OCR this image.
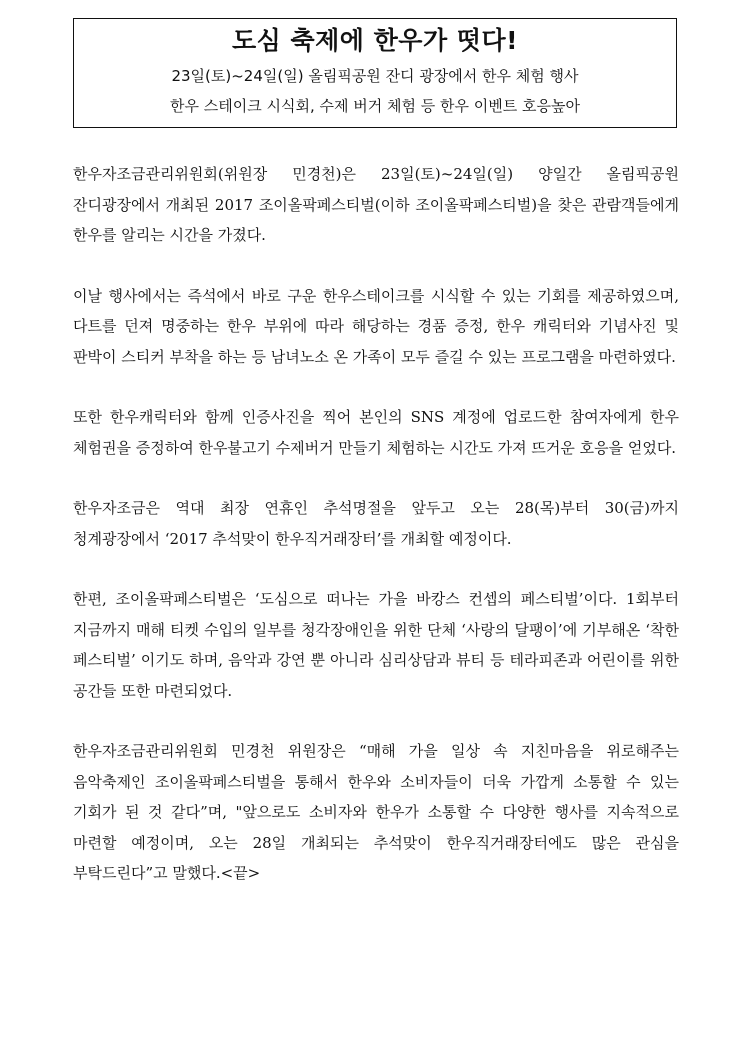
도심 축제에 한우가 떳다!
23일(토)~24일(일) 올림픽공원 잔디 광장에서 한우 체험 행사
한우 스테이크 시식회, 수제 버거 체험 등 한우 이벤트 호응높아

한우자조금관리위원회(위원장 민경천)은 23일(토)~24일(일) 양일간 올림픽공원 잔디광장에서 개최된 2017 조이올팍페스티벌(이하 조이올팍페스티벌)을 찾은 관람객들에게 한우를 알리는 시간을 가졌다.

이날 행사에서는 즉석에서 바로 구운 한우스테이크를 시식할 수 있는 기회를 제공하였으며, 다트를 던져 명중하는 한우 부위에 따라 해당하는 경품 증정, 한우 캐릭터와 기념사진 및 판박이 스티커 부착을 하는 등 남녀노소 온 가족이 모두 즐길 수 있는 프로그램을 마련하였다.

또한 한우캐릭터와 함께 인증사진을 찍어 본인의 SNS 계정에 업로드한 참여자에게 한우 체험권을 증정하여 한우불고기 수제버거 만들기 체험하는 시간도 가져 뜨거운 호응을 얻었다.

한우자조금은 역대 최장 연휴인 추석명절을 앞두고 오는 28(목)부터 30(금)까지 청계광장에서 ‘2017 추석맞이 한우직거래장터’를 개최할 예정이다.

한편, 조이올팍페스티벌은 ‘도심으로 떠나는 가을 바캉스 컨셉의 페스티벌’이다. 1회부터 지금까지 매해 티켓 수입의 일부를 청각장애인을 위한 단체 ‘사랑의 달팽이’에 기부해온 ‘착한 페스티벌’ 이기도 하며, 음악과 강연 뿐 아니라 심리상담과 뷰티 등 테라피존과 어린이를 위한 공간들 또한 마련되었다.

한우자조금관리위원회 민경천 위원장은 “매해 가을 일상 속 지친마음을 위로해주는 음악축제인 조이올팍페스티벌을 통해서 한우와 소비자들이 더욱 가깝게 소통할 수 있는 기회가 된 것 같다”며, "앞으로도 소비자와 한우가 소통할 수 다양한 행사를 지속적으로 마련할 예정이며, 오는 28일 개최되는 추석맞이 한우직거래장터에도 많은 관심을 부탁드린다”고 말했다.<끝>
